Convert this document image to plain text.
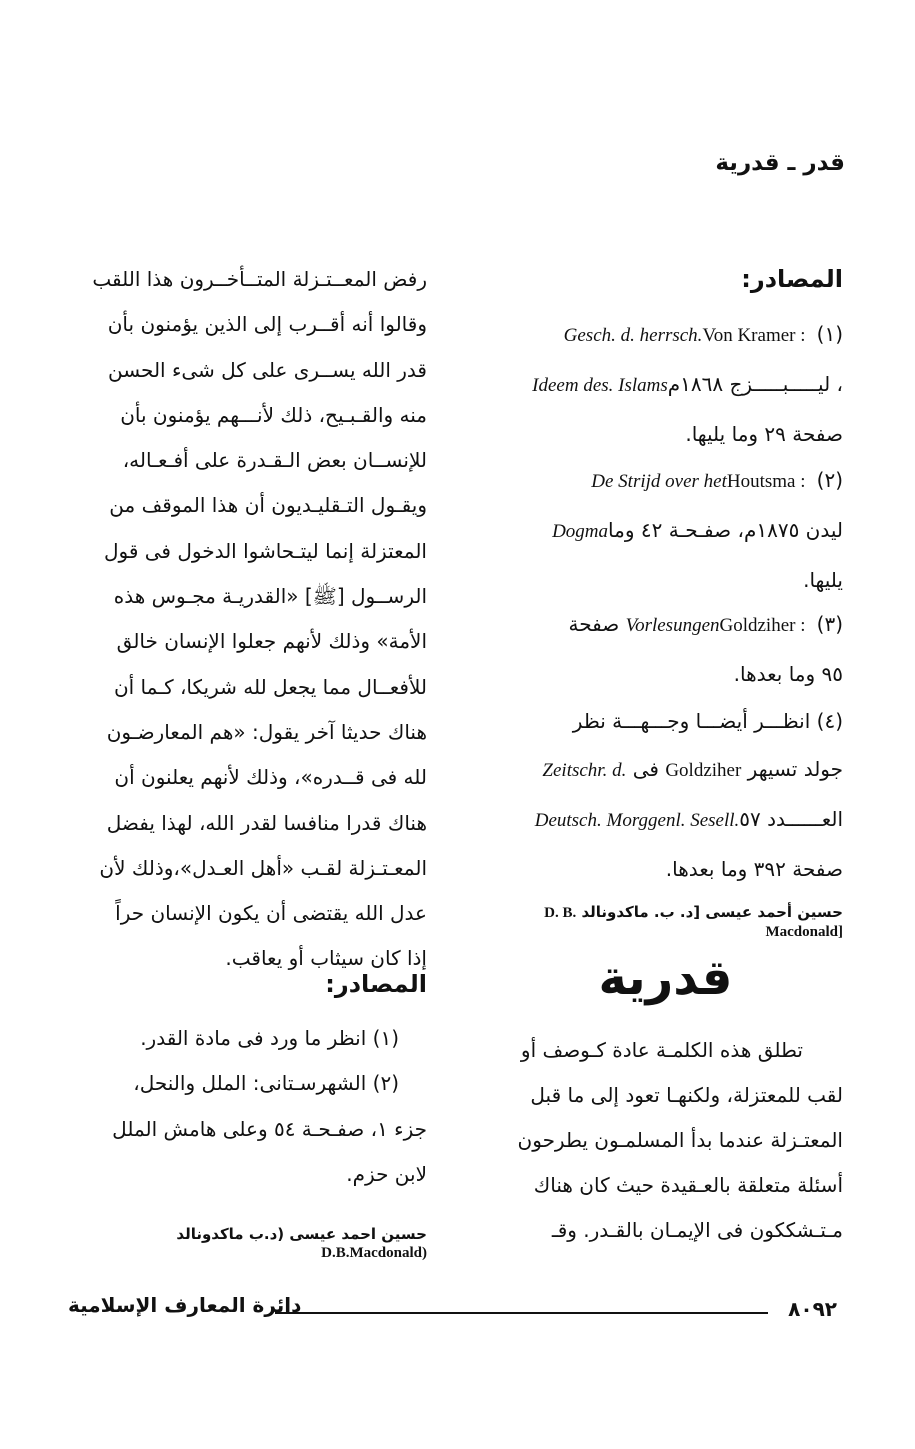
قدر ـ قدرية
المصادر:
(١) Von Kramer : Gesch. d. herrsch.
، ليـــــبـــــزج ١٨٦٨مIdeem des. Islams
صفحة ٢٩ وما يليها.
(٢) Houtsma : De Strijd over het
ليدن ١٨٧٥م، صفـحـة ٤٢ وماDogma
يليها.
(٣) Goldziher : Vorlesungen صفحة
٩٥ وما بعدها.
(٤) انظـــر أيضـــا وجـــهـــة نظر
جولد تسيهر Goldziher فى Zeitschr. d.
العــــــدد ٥٧Deutsch. Morggenl. Sesell.
صفحة ٣٩٢ وما بعدها.
حسين أحمد عيسى [د. ب. ماكدونالد D. B. Macdonald]
قدرية
تطلق هذه الكلمـة عادة كـوصف أو
لقب للمعتزلة، ولكنهـا تعود إلى ما قبل
المعتـزلة عندما بدأ المسلمـون يطرحون
أسئلة متعلقة بالعـقيدة حيث كان هناك
مـتـشككون فى الإيمـان بالقـدر. وقـ
رفض المعــتـزلة المتــأخــرون هذا اللقب
وقالوا أنه أقــرب إلى الذين يؤمنون بأن
قدر الله يســرى على كل شىء الحسن
منه والقـبـيح، ذلك لأنـــهم يؤمنون بأن
للإنســان بعض الـقـدرة على أفـعـاله،
ويقـول التـقليـديون أن هذا الموقف من
المعتزلة إنما ليتـحاشوا الدخول فى قول
الرســول [ﷺ] «القدريـة مجـوس هذه
الأمة» وذلك لأنهم جعلوا الإنسان خالق
للأفعــال مما يجعل لله شريكا، كـما أن
هناك حديثا آخر يقول: «هم المعارضـون
لله فى قــدره»، وذلك لأنهم يعلنون أن
هناك قدرا منافسا لقدر الله، لهذا يفضل
المعـتـزلة لقـب «أهل العـدل»،وذلك لأن
عدل الله يقتضى أن يكون الإنسان حراً
إذا كان سيثاب أو يعاقب.
المصادر:
(١) انظر ما ورد فى مادة القدر.
(٢) الشهرسـتانى: الملل والنحل،
جزء ١، صفـحـة ٥٤ وعلى هامش الملل
لابن حزم.
حسين احمد عيسى (د.ب ماكدونالد D.B.Macdonald)
دائرة المعارف الإسلامية	٨٠٩٢
